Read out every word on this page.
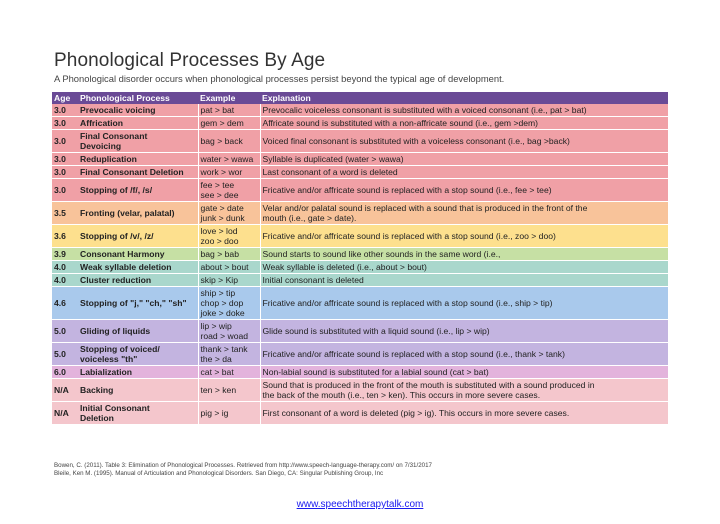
Phonological Processes By Age
A Phonological disorder occurs when phonological processes persist beyond the typical age of development.
Age	Phonological Process	Example	Explanation
3.0	Prevocalic voicing	pat > bat	Prevocalic voiceless consonant is substituted with a voiced consonant (i.e., pat > bat)

3.0	Affrication	gem > dem	Affricate sound is substituted with a non-affricate sound (i.e., gem >dem)

3.0	Final Consonant
Devoicing	bag > back	Voiced final consonant is substituted with a voiceless consonant (i.e., bag >back)

3.0	Reduplication	water > wawa	Syllable is duplicated (water > wawa)

3.0	Final Consonant Deletion	work > wor	Last consonant of a word is deleted

3.0	Stopping of /f/, /s/	fee > tee
see > dee	Fricative and/or affricate sound is replaced with a stop sound (i.e., fee > tee)

3.5	Fronting (velar, palatal)	gate > date
junk > dunk	Velar and/or palatal sound is replaced with a sound that is produced in the front of the
mouth (i.e., gate > date).

3.6	Stopping of /v/, /z/	love > lod
zoo > doo	Fricative and/or affricate sound is replaced with a stop sound (i.e., zoo > doo)

3.9	Consonant Harmony	bag > bab	Sound starts to sound like other sounds in the same word (i.e.,

4.0	Weak syllable deletion	about > bout	Weak syllable is deleted (i.e., about > bout)

4.0	Cluster reduction	skip > Kip	Initial consonant is deleted

4.6	Stopping of "j," "ch," "sh"	ship > tip
chop > dop
joke > doke	Fricative and/or affricate sound is replaced with a stop sound (i.e., ship > tip)

5.0	Gliding of liquids	lip > wip
road > woad	Glide sound is substituted with a liquid sound (i.e., lip > wip)

5.0	Stopping of voiced/
voiceless "th"	thank > tank
the > da	Fricative and/or affricate sound is replaced with a stop sound (i.e., thank > tank)

6.0	Labialization	cat > bat	Non-labial sound is substituted for a labial sound (cat > bat)

N/A	Backing	ten > ken	Sound that is produced in the front of the mouth is substituted with a sound produced in
the back of the mouth (i.e., ten > ken). This occurs in more severe cases.

N/A	Initial Consonant
Deletion	pig > ig	First consonant of a word is deleted (pig > ig). This occurs in more severe cases.
Bowen, C. (2011). Table 3: Elimination of Phonological Processes. Retrieved from http://www.speech-language-therapy.com/ on 7/31/2017
Bleile, Ken M. (1995). Manual of Articulation and Phonological Disorders. San Diego, CA: Singular Publishing Group, Inc
www.speechtherapytalk.com
